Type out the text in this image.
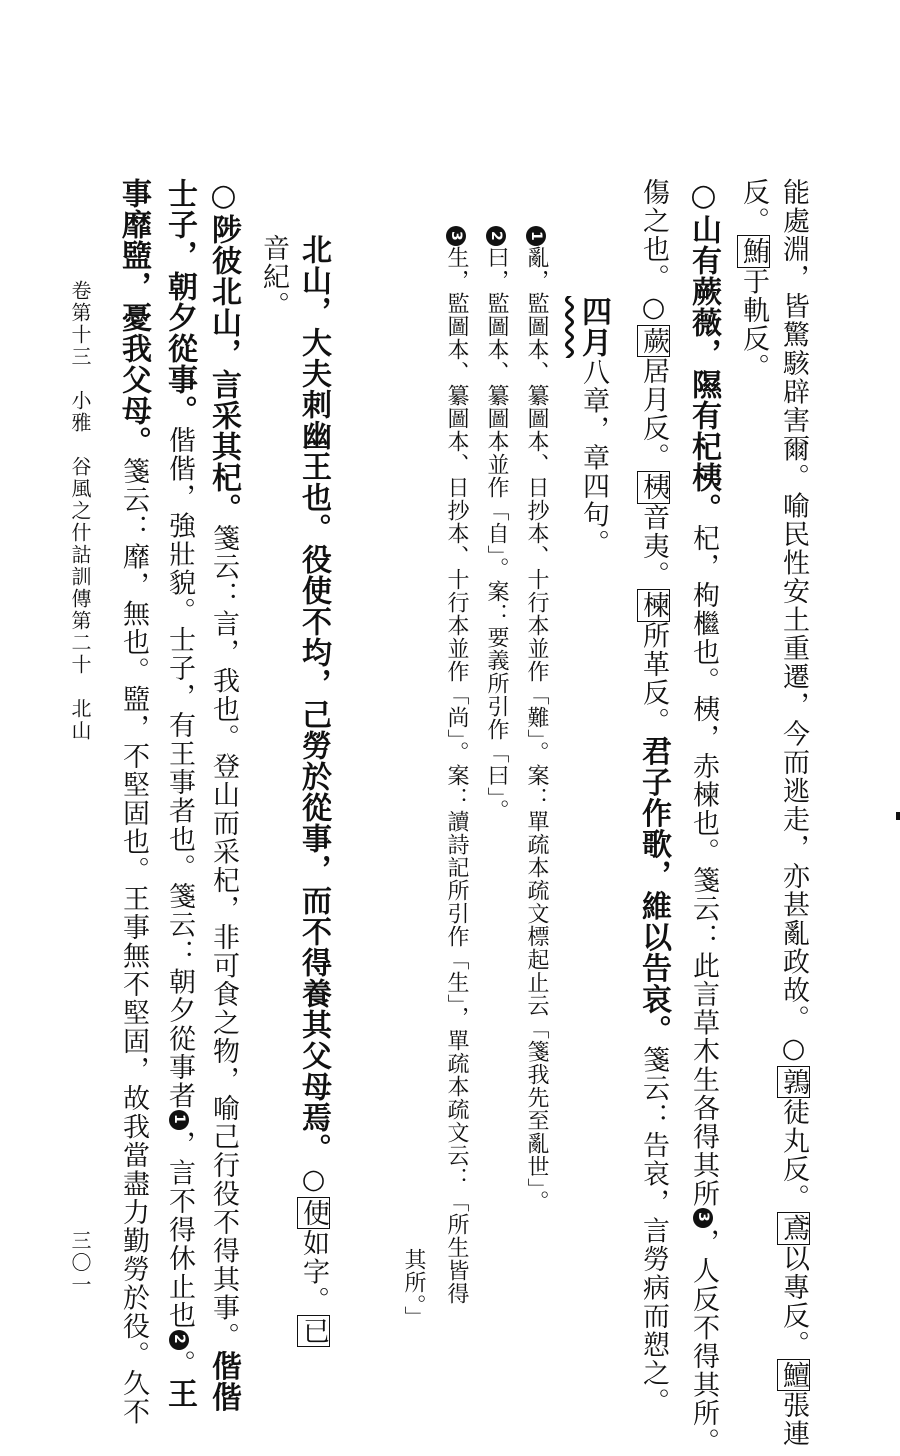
能處淵，皆驚駭辟害爾。喻民性安土重遷，今而逃走，亦甚亂政故。○鶉徒丸反。鳶以專反。鱣張連
反。鮪于軌反。
○山有蕨薇，隰有杞桋。杞，枸檵也。桋，赤楝也。箋云：此言草木生各得其所3，人反不得其所。
傷之也。○蕨居月反。桋音夷。楝所革反。君子作歌，維以告哀。箋云：告哀，言勞病而愬之。
四月八章，章四句。
其所。」
1亂，監圖本、纂圖本、日抄本、十行本並作「難」。案：單疏本疏文標起止云「箋我先至亂世」。
2曰，監圖本、纂圖本並作「自」。案：要義所引作「曰」。
3生，監圖本、纂圖本、日抄本、十行本並作「尚」。案：讀詩記所引作「生」，單疏本疏文云：「所生皆得
音紀。 北山，大夫刺幽王也。役使不均，己勞於從事，而不得養其父母焉。○使如字。已
○陟彼北山，言采其杞。箋云：言，我也。登山而采杞，非可食之物，喻己行役不得其事。偕偕
士子，朝夕從事。偕偕，強壯貌。士子，有王事者也。箋云：朝夕從事者1，言不得休止也2。王
事靡盬，憂我父母。箋云：靡，無也。盬，不堅固也。王事無不堅固，故我當盡力勤勞於役。久不
卷第十三　小雅　谷風之什詁訓傳第二十　北山
三〇一
